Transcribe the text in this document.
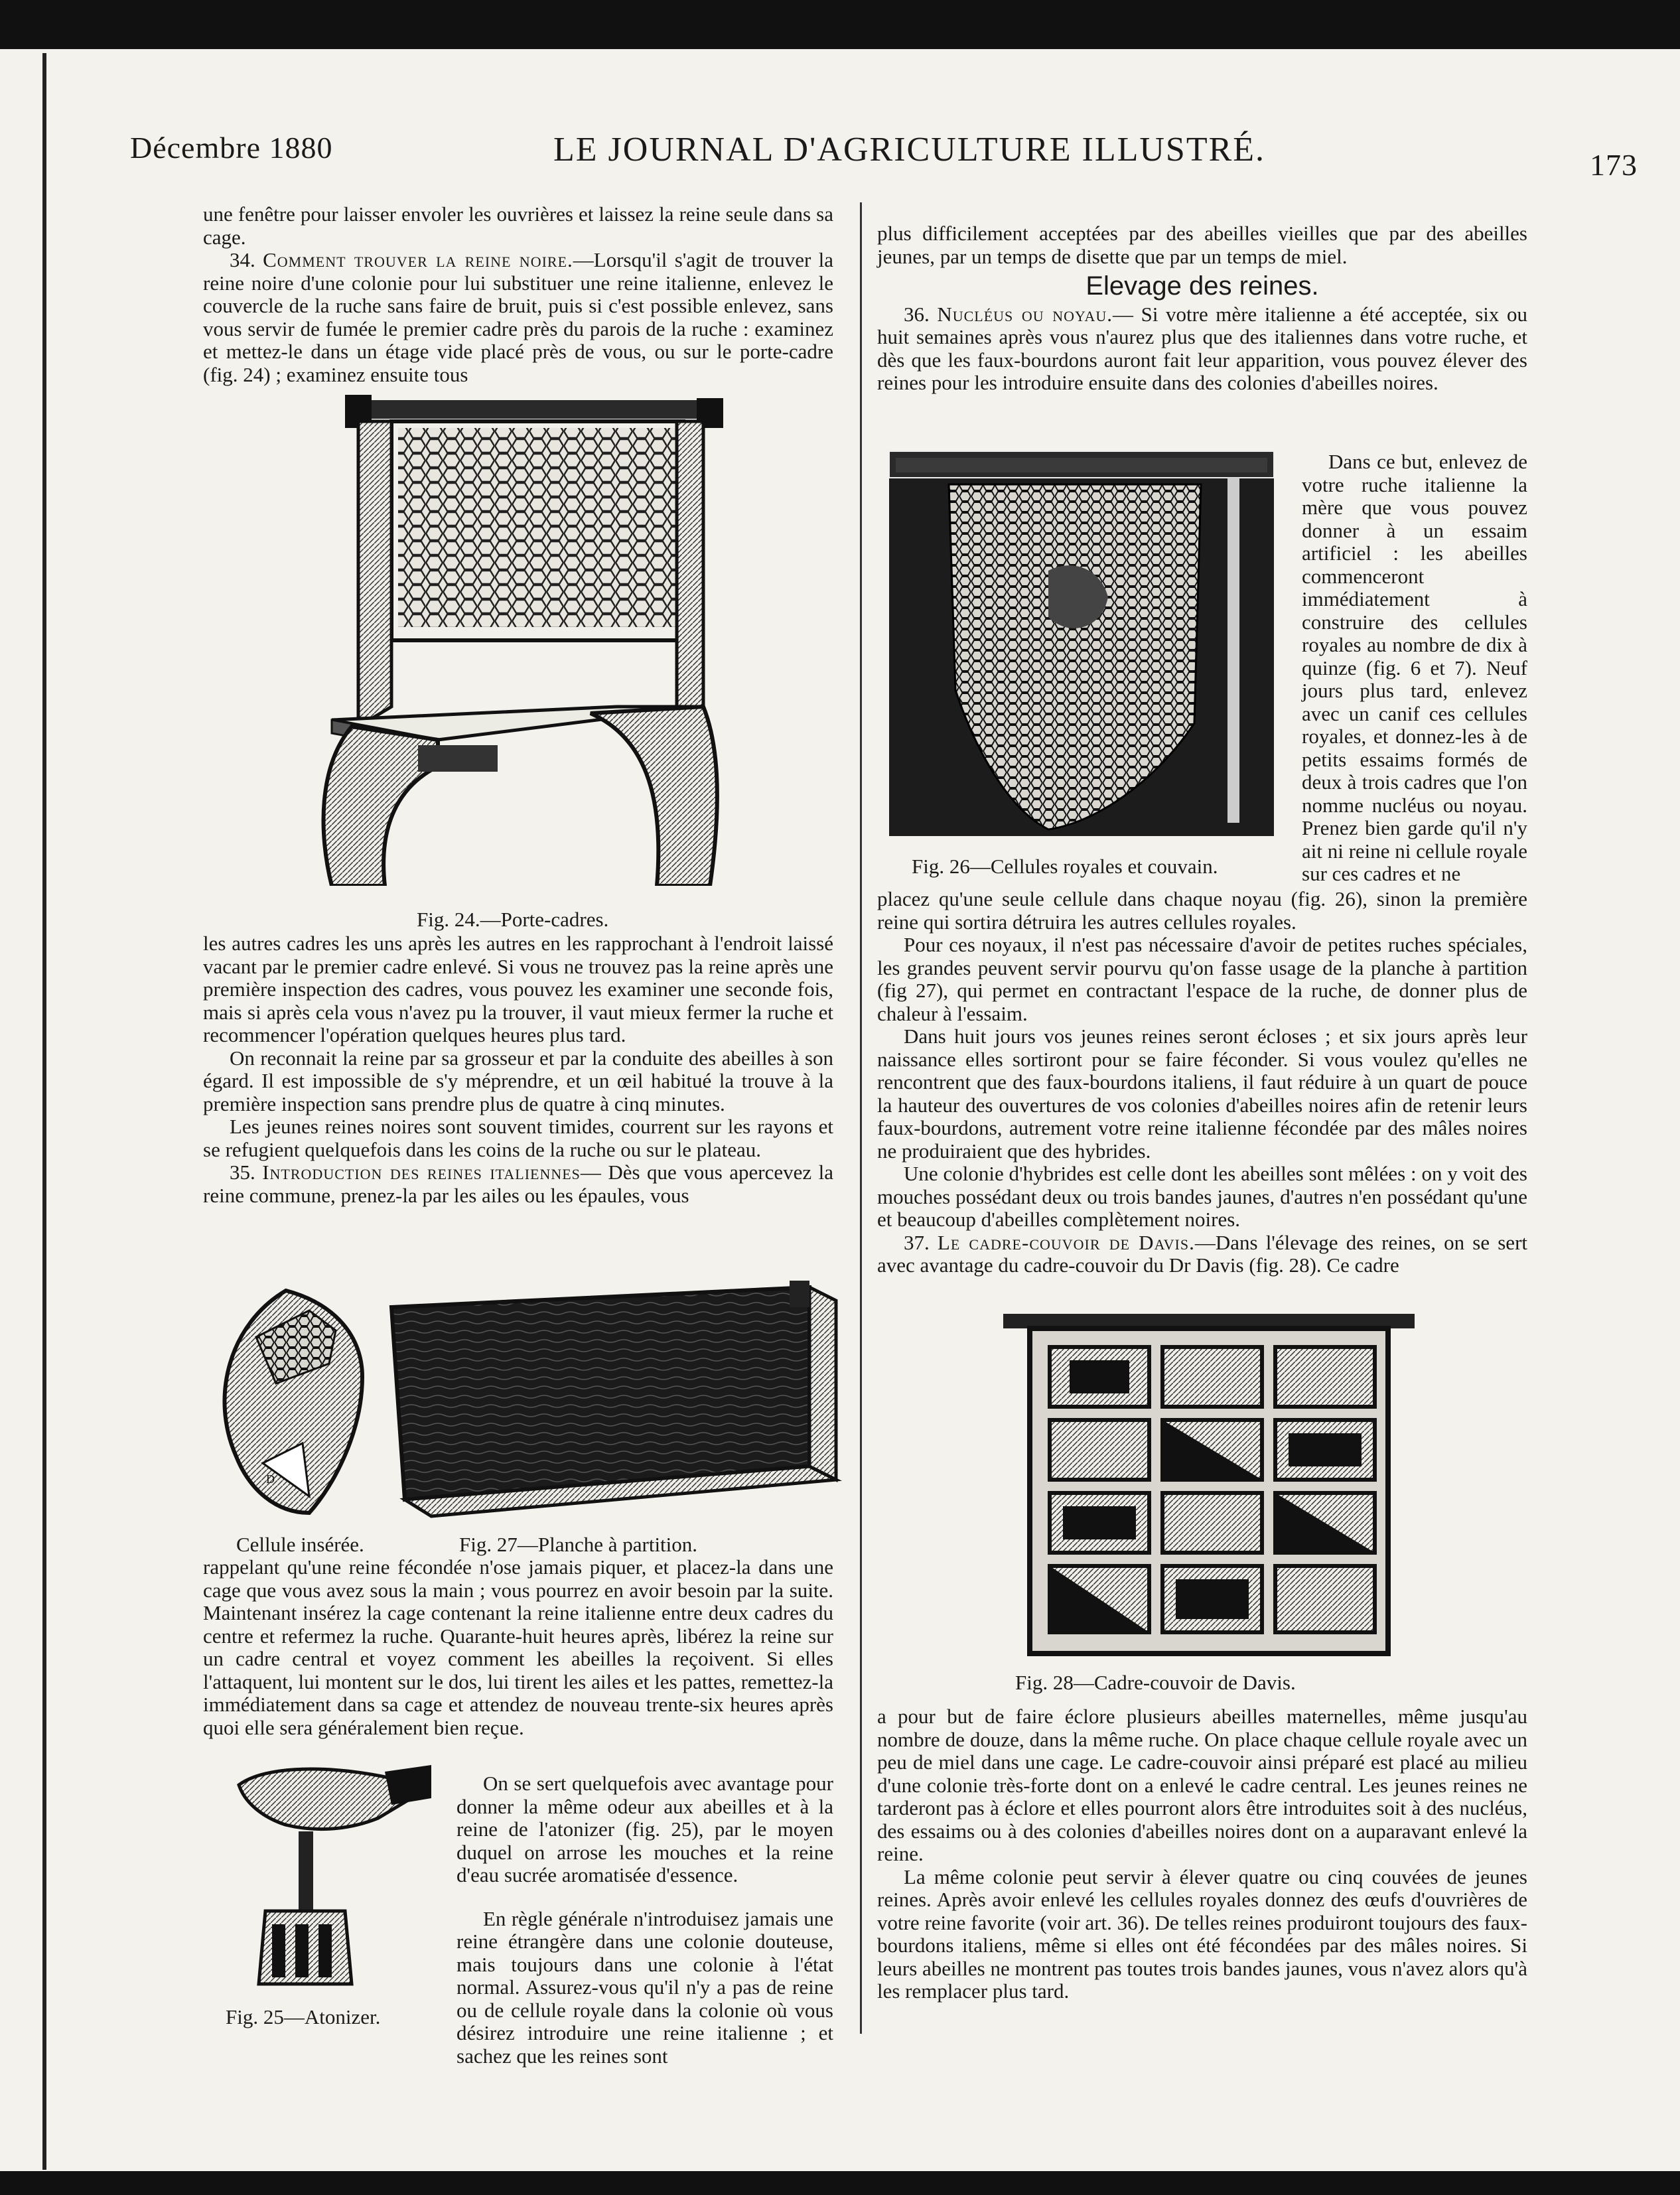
Décembre 1880	LE JOURNAL D'AGRICULTURE ILLUSTRÉ.	173

une fenêtre pour laisser envoler les ouvrières et laissez la reine seule dans sa cage.

34. Comment trouver la reine noire.—Lorsqu'il s'agit de trouver la reine noire d'une colonie pour lui substituer une reine italienne, enlevez le couvercle de la ruche sans faire de bruit, puis si c'est possible enlevez, sans vous servir de fumée le premier cadre près du parois de la ruche : examinez et mettez-le dans un étage vide placé près de vous, ou sur le porte-cadre (fig. 24) ; examinez ensuite tous

Fig. 24.—Porte-cadres.

les autres cadres les uns après les autres en les rapprochant à l'endroit laissé vacant par le premier cadre enlevé. Si vous ne trouvez pas la reine après une première inspection des cadres, vous pouvez les examiner une seconde fois, mais si après cela vous n'avez pu la trouver, il vaut mieux fermer la ruche et recommencer l'opération quelques heures plus tard.

On reconnait la reine par sa grosseur et par la conduite des abeilles à son égard. Il est impossible de s'y méprendre, et un œil habitué la trouve à la première inspection sans prendre plus de quatre à cinq minutes.

Les jeunes reines noires sont souvent timides, courrent sur les rayons et se refugient quelquefois dans les coins de la ruche ou sur le plateau.

35. Introduction des reines italiennes— Dès que vous apercevez la reine commune, prenez-la par les ailes ou les épaules, vous

D
Cellule insérée.	Fig. 27—Planche à partition.

rappelant qu'une reine fécondée n'ose jamais piquer, et placez-la dans une cage que vous avez sous la main ; vous pourrez en avoir besoin par la suite. Maintenant insérez la cage contenant la reine italienne entre deux cadres du centre et refermez la ruche. Quarante-huit heures après, libérez la reine sur un cadre central et voyez comment les abeilles la reçoivent. Si elles l'attaquent, lui montent sur le dos, lui tirent les ailes et les pattes, remettez-la immédiatement dans sa cage et attendez de nouveau trente-six heures après quoi elle sera généralement bien reçue.

Fig. 25—Atonizer.

On se sert quelquefois avec avantage pour donner la même odeur aux abeilles et à la reine de l'atonizer (fig. 25), par le moyen duquel on arrose les mouches et la reine d'eau sucrée aromatisée d'essence.

En règle générale n'introduisez jamais une reine étrangère dans une colonie douteuse, mais toujours dans une colonie à l'état normal. Assurez-vous qu'il n'y a pas de reine ou de cellule royale dans la colonie où vous désirez introduire une reine italienne ; et sachez que les reines sont

plus difficilement acceptées par des abeilles vieilles que par des abeilles jeunes, par un temps de disette que par un temps de miel.

Elevage des reines.

36. Nucléus ou noyau.— Si votre mère italienne a été acceptée, six ou huit semaines après vous n'aurez plus que des italiennes dans votre ruche, et dès que les faux-bourdons auront fait leur apparition, vous pouvez élever des reines pour les introduire ensuite dans des colonies d'abeilles noires.

Fig. 26—Cellules royales et couvain.

Dans ce but, enlevez de votre ruche italienne la mère que vous pouvez donner à un essaim artificiel : les abeilles commenceront immédiatement à construire des cellules royales au nombre de dix à quinze (fig. 6 et 7). Neuf jours plus tard, enlevez avec un canif ces cellules royales, et donnez-les à de petits essaims formés de deux à trois cadres que l'on nomme nucléus ou noyau. Prenez bien garde qu'il n'y ait ni reine ni cellule royale sur ces cadres et ne

placez qu'une seule cellule dans chaque noyau (fig. 26), sinon la première reine qui sortira détruira les autres cellules royales.

Pour ces noyaux, il n'est pas nécessaire d'avoir de petites ruches spéciales, les grandes peuvent servir pourvu qu'on fasse usage de la planche à partition (fig 27), qui permet en contractant l'espace de la ruche, de donner plus de chaleur à l'essaim.

Dans huit jours vos jeunes reines seront écloses ; et six jours après leur naissance elles sortiront pour se faire féconder. Si vous voulez qu'elles ne rencontrent que des faux-bourdons italiens, il faut réduire à un quart de pouce la hauteur des ouvertures de vos colonies d'abeilles noires afin de retenir leurs faux-bourdons, autrement votre reine italienne fécondée par des mâles noires ne produiraient que des hybrides.

Une colonie d'hybrides est celle dont les abeilles sont mêlées : on y voit des mouches possédant deux ou trois bandes jaunes, d'autres n'en possédant qu'une et beaucoup d'abeilles complètement noires.

37. Le cadre-couvoir de Davis.—Dans l'élevage des reines, on se sert avec avantage du cadre-couvoir du Dr Davis (fig. 28). Ce cadre

Fig. 28—Cadre-couvoir de Davis.

a pour but de faire éclore plusieurs abeilles maternelles, même jusqu'au nombre de douze, dans la même ruche. On place chaque cellule royale avec un peu de miel dans une cage. Le cadre-couvoir ainsi préparé est placé au milieu d'une colonie très-forte dont on a enlevé le cadre central. Les jeunes reines ne tarderont pas à éclore et elles pourront alors être introduites soit à des nucléus, des essaims ou à des colonies d'abeilles noires dont on a auparavant enlevé la reine.

La même colonie peut servir à élever quatre ou cinq couvées de jeunes reines. Après avoir enlevé les cellules royales donnez des œufs d'ouvrières de votre reine favorite (voir art. 36). De telles reines produiront toujours des faux-bourdons italiens, même si elles ont été fécondées par des mâles noires. Si leurs abeilles ne montrent pas toutes trois bandes jaunes, vous n'avez alors qu'à les remplacer plus tard.
